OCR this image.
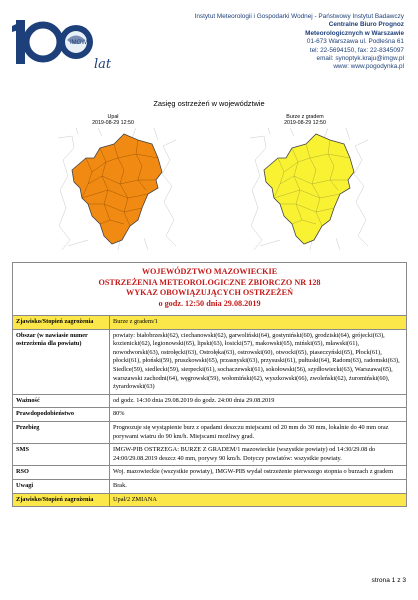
IMGW
lat
Instytut Meteorologii i Gospodarki Wodnej - Państwowy Instytut Badawczy
Centralne Biuro Prognoz
Meteorologicznych w Warszawie
01-673 Warszawa ul. Podleśna 61
tel: 22-5694150, fax: 22-8345097
email: synoptyk.kraju@imgw.pl
www: www.pogodynka.pl
Zasięg ostrzeżeń w województwie
Upał
2019-08-29 12:50
Burze z gradem
2019-08-29 12:50
WOJEWÓDZTWO MAZOWIECKIE
OSTRZEŻENIA METEOROLOGICZNE ZBIORCZO NR 128
WYKAZ OBOWIĄZUJĄCYCH OSTRZEŻEŃ
o godz. 12:50 dnia 29.08.2019	

Zjawisko/Stopień zagrożenia	Burze z gradem/1
Obszar (w nawiasie numer ostrzeżenia dla powiatu)	powiaty: białobrzeski(62), ciechanowski(62), garwoliński(64), gostyniński(60), grodziski(64), grójecki(63), kozienicki(62), legionowski(65), lipski(63), łosicki(57), makowski(65), miński(65), mławski(61), nowodworski(63), ostrołęcki(63), Ostrołęka(63), ostrowski(60), otwocki(65), piaseczyński(65), Płock(61), płocki(61), płoński(59), pruszkowski(65), przasnyski(63), przysuski(61), pułtuski(64), Radom(63), radomski(63), Siedlce(59), siedlecki(59), sierpecki(61), sochaczewski(61), sokołowski(56), szydłowiecki(63), Warszawa(65), warszawski zachodni(64), węgrowski(59), wołomiński(62), wyszkowski(66), zwoleński(62), żuromiński(60), żyrardowski(63)
Ważność	od godz. 14:30 dnia 29.08.2019 do godz. 24:00 dnia 29.08.2019
Prawdopodobieństwo	80%
Przebieg	Prognozuje się wystąpienie burz z opadami deszczu miejscami od 20 mm do 30 mm, lokalnie do 40 mm oraz porywami wiatru do 90 km/h. Miejscami możliwy grad.
SMS	IMGW-PIB OSTRZEGA: BURZE Z GRADEM/1 mazowieckie (wszystkie powiaty) od 14:30/29.08 do 24:00/29.08.2019 deszcz 40 mm, porywy 90 km/h. Dotyczy powiatów: wszystkie powiaty.
RSO	Woj. mazowieckie (wszystkie powiaty), IMGW-PIB wydał ostrzeżenie pierwszego stopnia o burzach z gradem
Uwagi	Brak.
Zjawisko/Stopień zagrożenia	Upał/2 ZMIANA
strona 1 z 3
